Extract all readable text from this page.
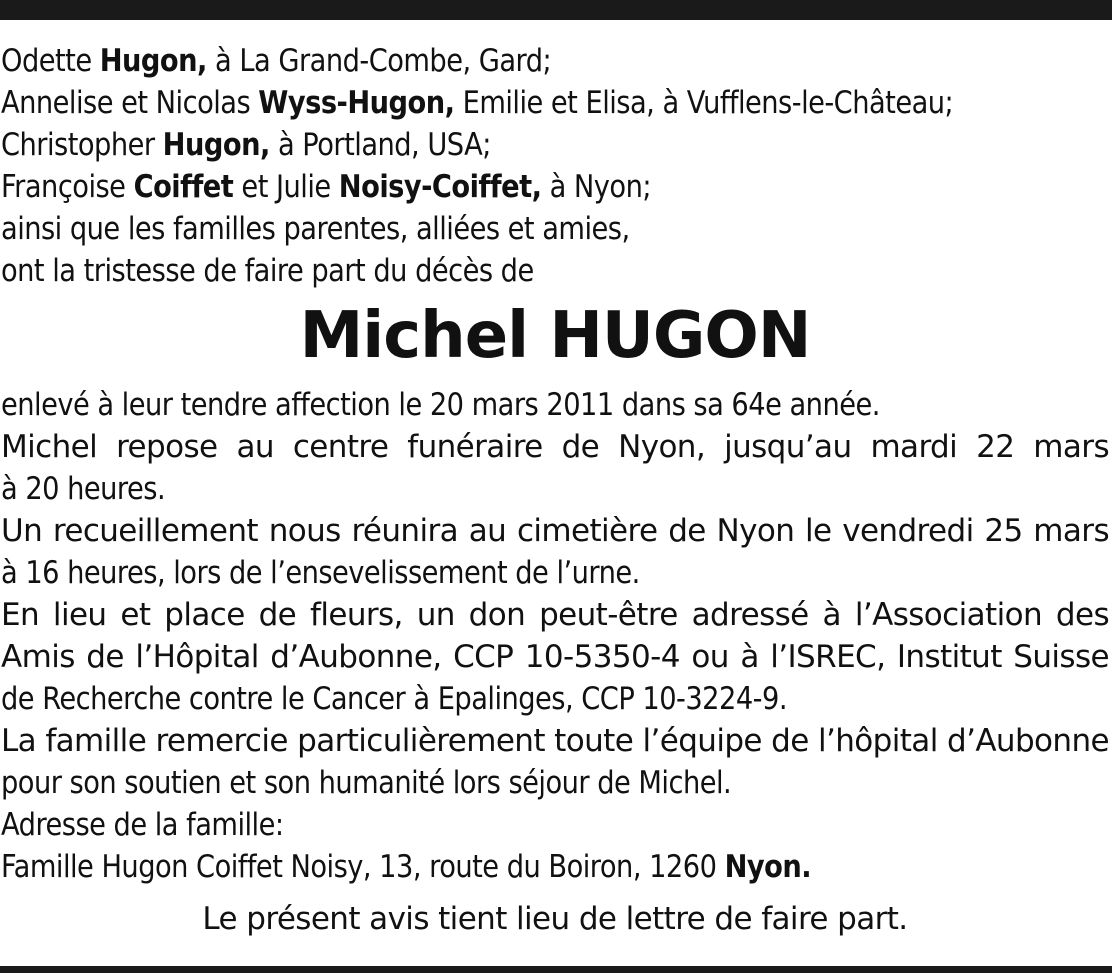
Odette Hugon, à La Grand-Combe, Gard;
Annelise et Nicolas Wyss-Hugon, Emilie et Elisa, à Vufflens-le-Château;
Christopher Hugon, à Portland, USA;
Françoise Coiffet et Julie Noisy-Coiffet, à Nyon;
ainsi que les familles parentes, alliées et amies,
ont la tristesse de faire part du décès de
Michel HUGON
enlevé à leur tendre affection le 20 mars 2011 dans sa 64e année.
Michel repose au centre funéraire de Nyon, jusqu’au mardi 22 mars
à 20 heures.
Un recueillement nous réunira au cimetière de Nyon le vendredi 25 mars
à 16 heures, lors de l’ensevelissement de l’urne.
En lieu et place de fleurs, un don peut-être adressé à l’Association des
Amis de l’Hôpital d’Aubonne, CCP 10-5350-4 ou à l’ISREC, Institut Suisse
de Recherche contre le Cancer à Epalinges, CCP 10-3224-9.
La famille remercie particulièrement toute l’équipe de l’hôpital d’Aubonne
pour son soutien et son humanité lors séjour de Michel.
Adresse de la famille:
Famille Hugon Coiffet Noisy, 13, route du Boiron, 1260 Nyon.
Le présent avis tient lieu de lettre de faire part.
